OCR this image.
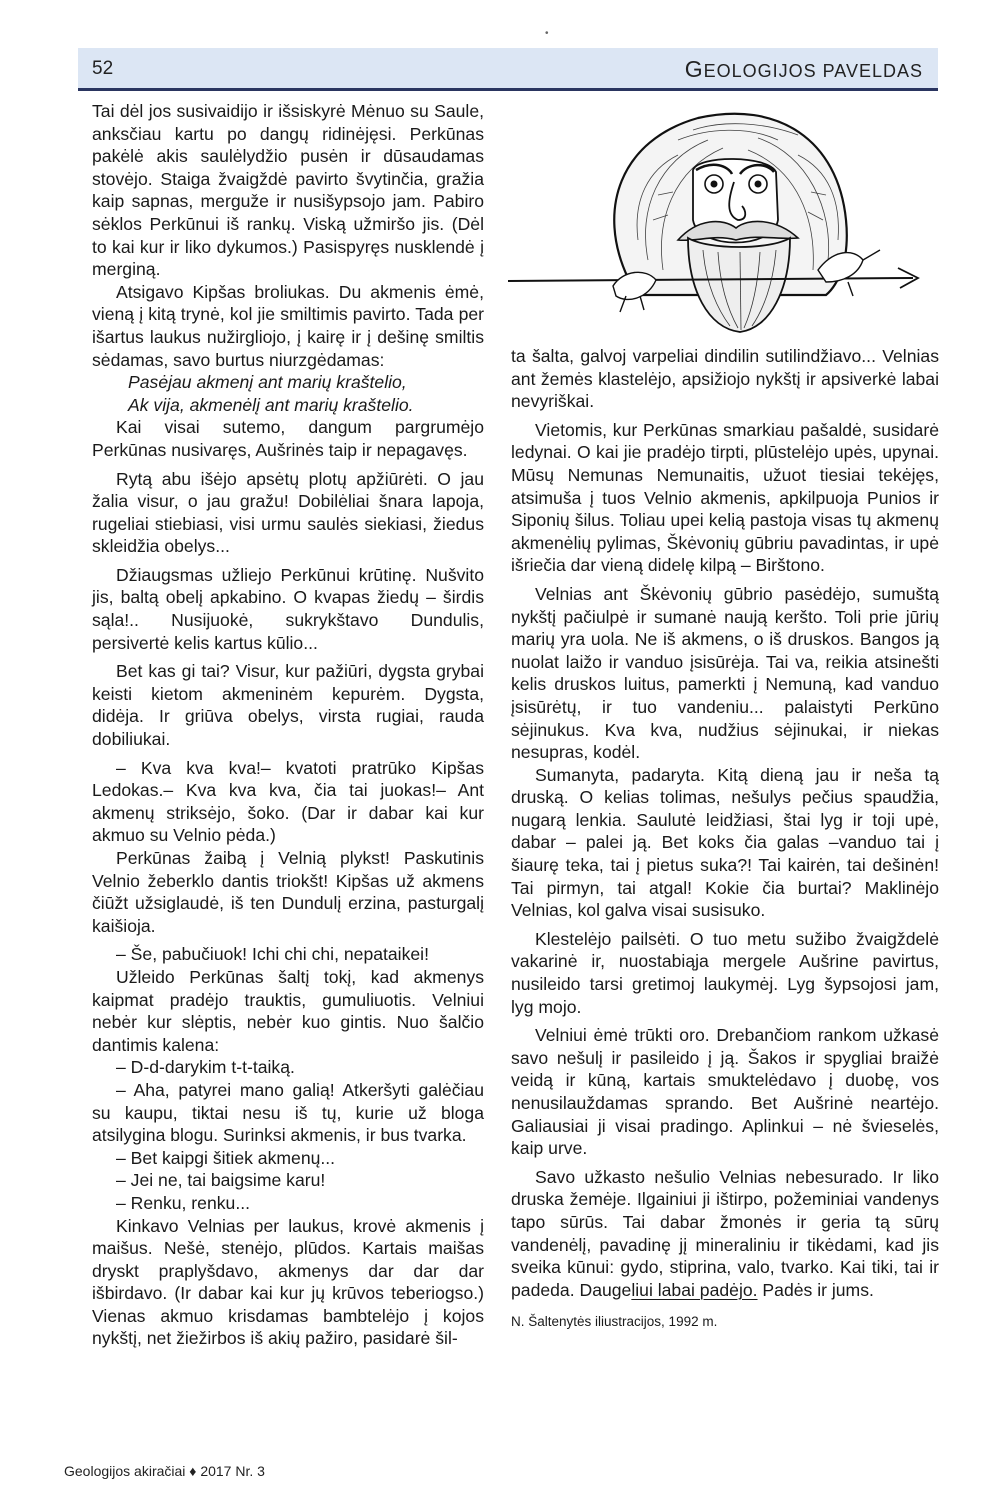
52	GEOLOGIJOS PAVELDAS
•

Tai dėl jos susivaidijo ir išsiskyrė Mėnuo su Saule, anksčiau kartu po dangų ridinėjęsi. Perkūnas pakėlė akis saulėlydžio pusėn ir dūsaudamas stovėjo. Staiga žvaigždė pavirto švytinčia, gražia kaip sapnas, merguže ir nusišypsojo jam. Pabiro sėklos Perkūnui iš rankų. Viską užmiršo jis. (Dėl to kai kur ir liko dykumos.) Pasispyręs nusklendė į merginą.

Atsigavo Kipšas broliukas. Du akmenis ėmė, vieną į kitą trynė, kol jie smiltimis pavirto. Tada per išartus laukus nužirgliojo, į kairę ir į dešinę smiltis sėdamas, savo burtus niurzgėdamas:

Pasėjau akmenį ant marių kraštelio,

Ak vija, akmenėlį ant marių kraštelio.

Kai visai sutemo, dangum pargrumėjo Perkūnas nusivaręs, Aušrinės taip ir nepagavęs.

Rytą abu išėjo apsėtų plotų apžiūrėti. O jau žalia visur, o jau gražu! Dobilėliai šnara lapoja, rugeliai stiebiasi, visi urmu saulės siekiasi, žiedus skleidžia obelys...

Džiaugsmas užliejo Perkūnui krūtinę. Nušvito jis, baltą obelį apkabino. O kvapas žiedų – širdis sąla!.. Nusijuokė, sukrykštavo Dundulis, persivertė kelis kartus kūlio...

Bet kas gi tai? Visur, kur pažiūri, dygsta grybai keisti kietom akmeninėm kepurėm. Dygsta, didėja. Ir griūva obelys, virsta rugiai, rauda dobiliukai.

– Kva kva kva!– kvatoti pratrūko Kipšas Ledokas.– Kva kva kva, čia tai juokas!– Ant akmenų striksėjo, šoko. (Dar ir dabar kai kur akmuo su Velnio pėda.)

Perkūnas žaibą į Velnią plykst! Paskutinis Velnio žeberklo dantis triokšt! Kipšas už akmens čiūžt užsiglaudė, iš ten Dundulį erzina, pasturgalį kaišioja.

– Še, pabučiuok! Ichi chi chi, nepataikei!

Užleido Perkūnas šaltį tokį, kad akmenys kaipmat pradėjo trauktis, gumuliuotis. Velniui nebėr kur slėptis, nebėr kuo gintis. Nuo šalčio dantimis kalena:

– D-d-darykim t-t-taiką.

– Aha, patyrei mano galią! Atkeršyti galėčiau su kaupu, tiktai nesu iš tų, kurie už bloga atsilygina blogu. Surinksi akmenis, ir bus tvarka.

– Bet kaipgi šitiek akmenų...

– Jei ne, tai baigsime karu!

– Renku, renku...

Kinkavo Velnias per laukus, krovė akmenis į maišus. Nešė, stenėjo, plūdos. Kartais maišas dryskt praplyšdavo, akmenys dar dar dar išbirdavo. (Ir dabar kai kur jų krūvos teberiogso.) Vienas akmuo krisdamas bambtelėjo į kojos nykštį, net žiežirbos iš akių pažiro, pasidarė šil-

ta šalta, galvoj varpeliai dindilin sutilindžiavo... Velnias ant žemės klastelėjo, apsižiojo nykštį ir apsiverkė labai nevyriškai.

Vietomis, kur Perkūnas smarkiau pašaldė, susidarė ledynai. O kai jie pradėjo tirpti, plūstelėjo upės, upynai. Mūsų Nemunas Nemunaitis, užuot tiesiai tekėjęs, atsimuša į tuos Velnio akmenis, apkilpuoja Punios ir Siponių šilus. Toliau upei kelią pastoja visas tų akmenų akmenėlių pylimas, Škėvonių gūbriu pavadintas, ir upė išriečia dar vieną didelę kilpą – Birštono.

Velnias ant Škėvonių gūbrio pasėdėjo, sumuštą nykštį pačiulpė ir sumanė naują keršto. Toli prie jūrių marių yra uola. Ne iš akmens, o iš druskos. Bangos ją nuolat laižo ir vanduo įsisūrėja. Tai va, reikia atsinešti kelis druskos luitus, pamerkti į Nemuną, kad vanduo įsisūrėtų, ir tuo vandeniu... palaistyti Perkūno sėjinukus. Kva kva, nudžius sėjinukai, ir niekas nesupras, kodėl.

Sumanyta, padaryta. Kitą dieną jau ir neša tą druską. O kelias tolimas, nešulys pečius spaudžia, nugarą lenkia. Saulutė leidžiasi, štai lyg ir toji upė, dabar – palei ją. Bet koks čia galas –vanduo tai į šiaurę teka, tai į pietus suka?! Tai kairėn, tai dešinėn! Tai pirmyn, tai atgal! Kokie čia burtai? Maklinėjo Velnias, kol galva visai susisuko.

Klestelėjo pailsėti. O tuo metu sužibo žvaigždelė vakarinė ir, nuostabiąja mergele Aušrine pavirtus, nusileido tarsi gretimoj laukymėj. Lyg šypsojosi jam, lyg mojo.

Velniui ėmė trūkti oro. Drebančiom rankom užkasė savo nešulį ir pasileido į ją. Šakos ir spygliai braižė veidą ir kūną, kartais smuktelėdavo į duobę, vos nenusilauždamas sprando. Bet Aušrinė neartėjo. Galiausiai ji visai pradingo. Aplinkui – nė švieselės, kaip urve.

Savo užkasto nešulio Velnias nebesurado. Ir liko druska žemėje. Ilgainiui ji ištirpo, požeminiai vandenys tapo sūrūs. Tai dabar žmonės ir geria tą sūrų vandenėlį, pavadinę jį mineraliniu ir tikėdami, kad jis sveika kūnui: gydo, stiprina, valo, tvarko. Kai tiki, tai ir padeda. Daugeliui labai padėjo. Padės ir jums.

N. Šaltenytės iliustracijos, 1992 m.

Geologijos akiračiai ♦ 2017 Nr. 3
